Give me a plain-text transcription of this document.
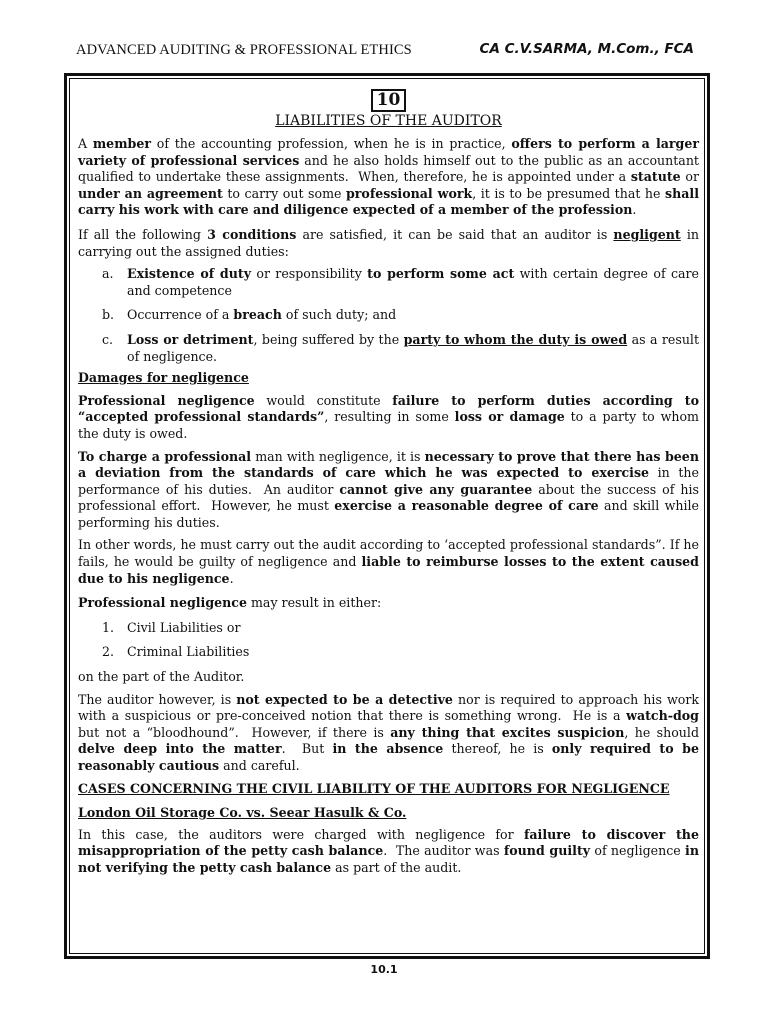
ADVANCED AUDITING & PROFESSIONAL ETHICS	CA C.V.SARMA, M.Com., FCA
10
LIABILITIES OF THE AUDITOR

A member of the accounting profession, when he is in practice, offers to perform a larger variety of professional services and he also holds himself out to the public as an accountant qualified to undertake these assignments.  When, therefore, he is appointed under a statute or under an agreement to carry out some professional work, it is to be presumed that he shall carry his work with care and diligence expected of a member of the profession.

If all the following 3 conditions are satisfied, it can be said that an auditor is negligent in carrying out the assigned duties:

a. Existence of duty or responsibility to perform some act with certain degree of care and competence
b. Occurrence of a breach of such duty; and
c. Loss or detriment, being suffered by the party to whom the duty is owed as a result of negligence.

Damages for negligence

Professional negligence would constitute failure to perform duties according to “accepted professional standards”, resulting in some loss or damage to a party to whom the duty is owed.

To charge a professional man with negligence, it is necessary to prove that there has been a deviation from the standards of care which he was expected to exercise in the performance of his duties.  An auditor cannot give any guarantee about the success of his professional effort.  However, he must exercise a reasonable degree of care and skill while performing his duties.

In other words, he must carry out the audit according to ‘accepted professional standards”. If he fails, he would be guilty of negligence and liable to reimburse losses to the extent caused due to his negligence.

Professional negligence may result in either:

1. Civil Liabilities or
2. Criminal Liabilities

on the part of the Auditor.

The auditor however, is not expected to be a detective nor is required to approach his work with a suspicious or pre-conceived notion that there is something wrong.  He is a watch-dog but not a “bloodhound”.  However, if there is any thing that excites suspicion, he should delve deep into the matter.  But in the absence thereof, he is only required to be reasonably cautious and careful.

CASES CONCERNING THE CIVIL LIABILITY OF THE AUDITORS FOR NEGLIGENCE

London Oil Storage Co. vs. Seear Hasulk & Co.

In this case, the auditors were charged with negligence for failure to discover the misappropriation of the petty cash balance.  The auditor was found guilty of negligence in not verifying the petty cash balance as part of the audit.

10.1
